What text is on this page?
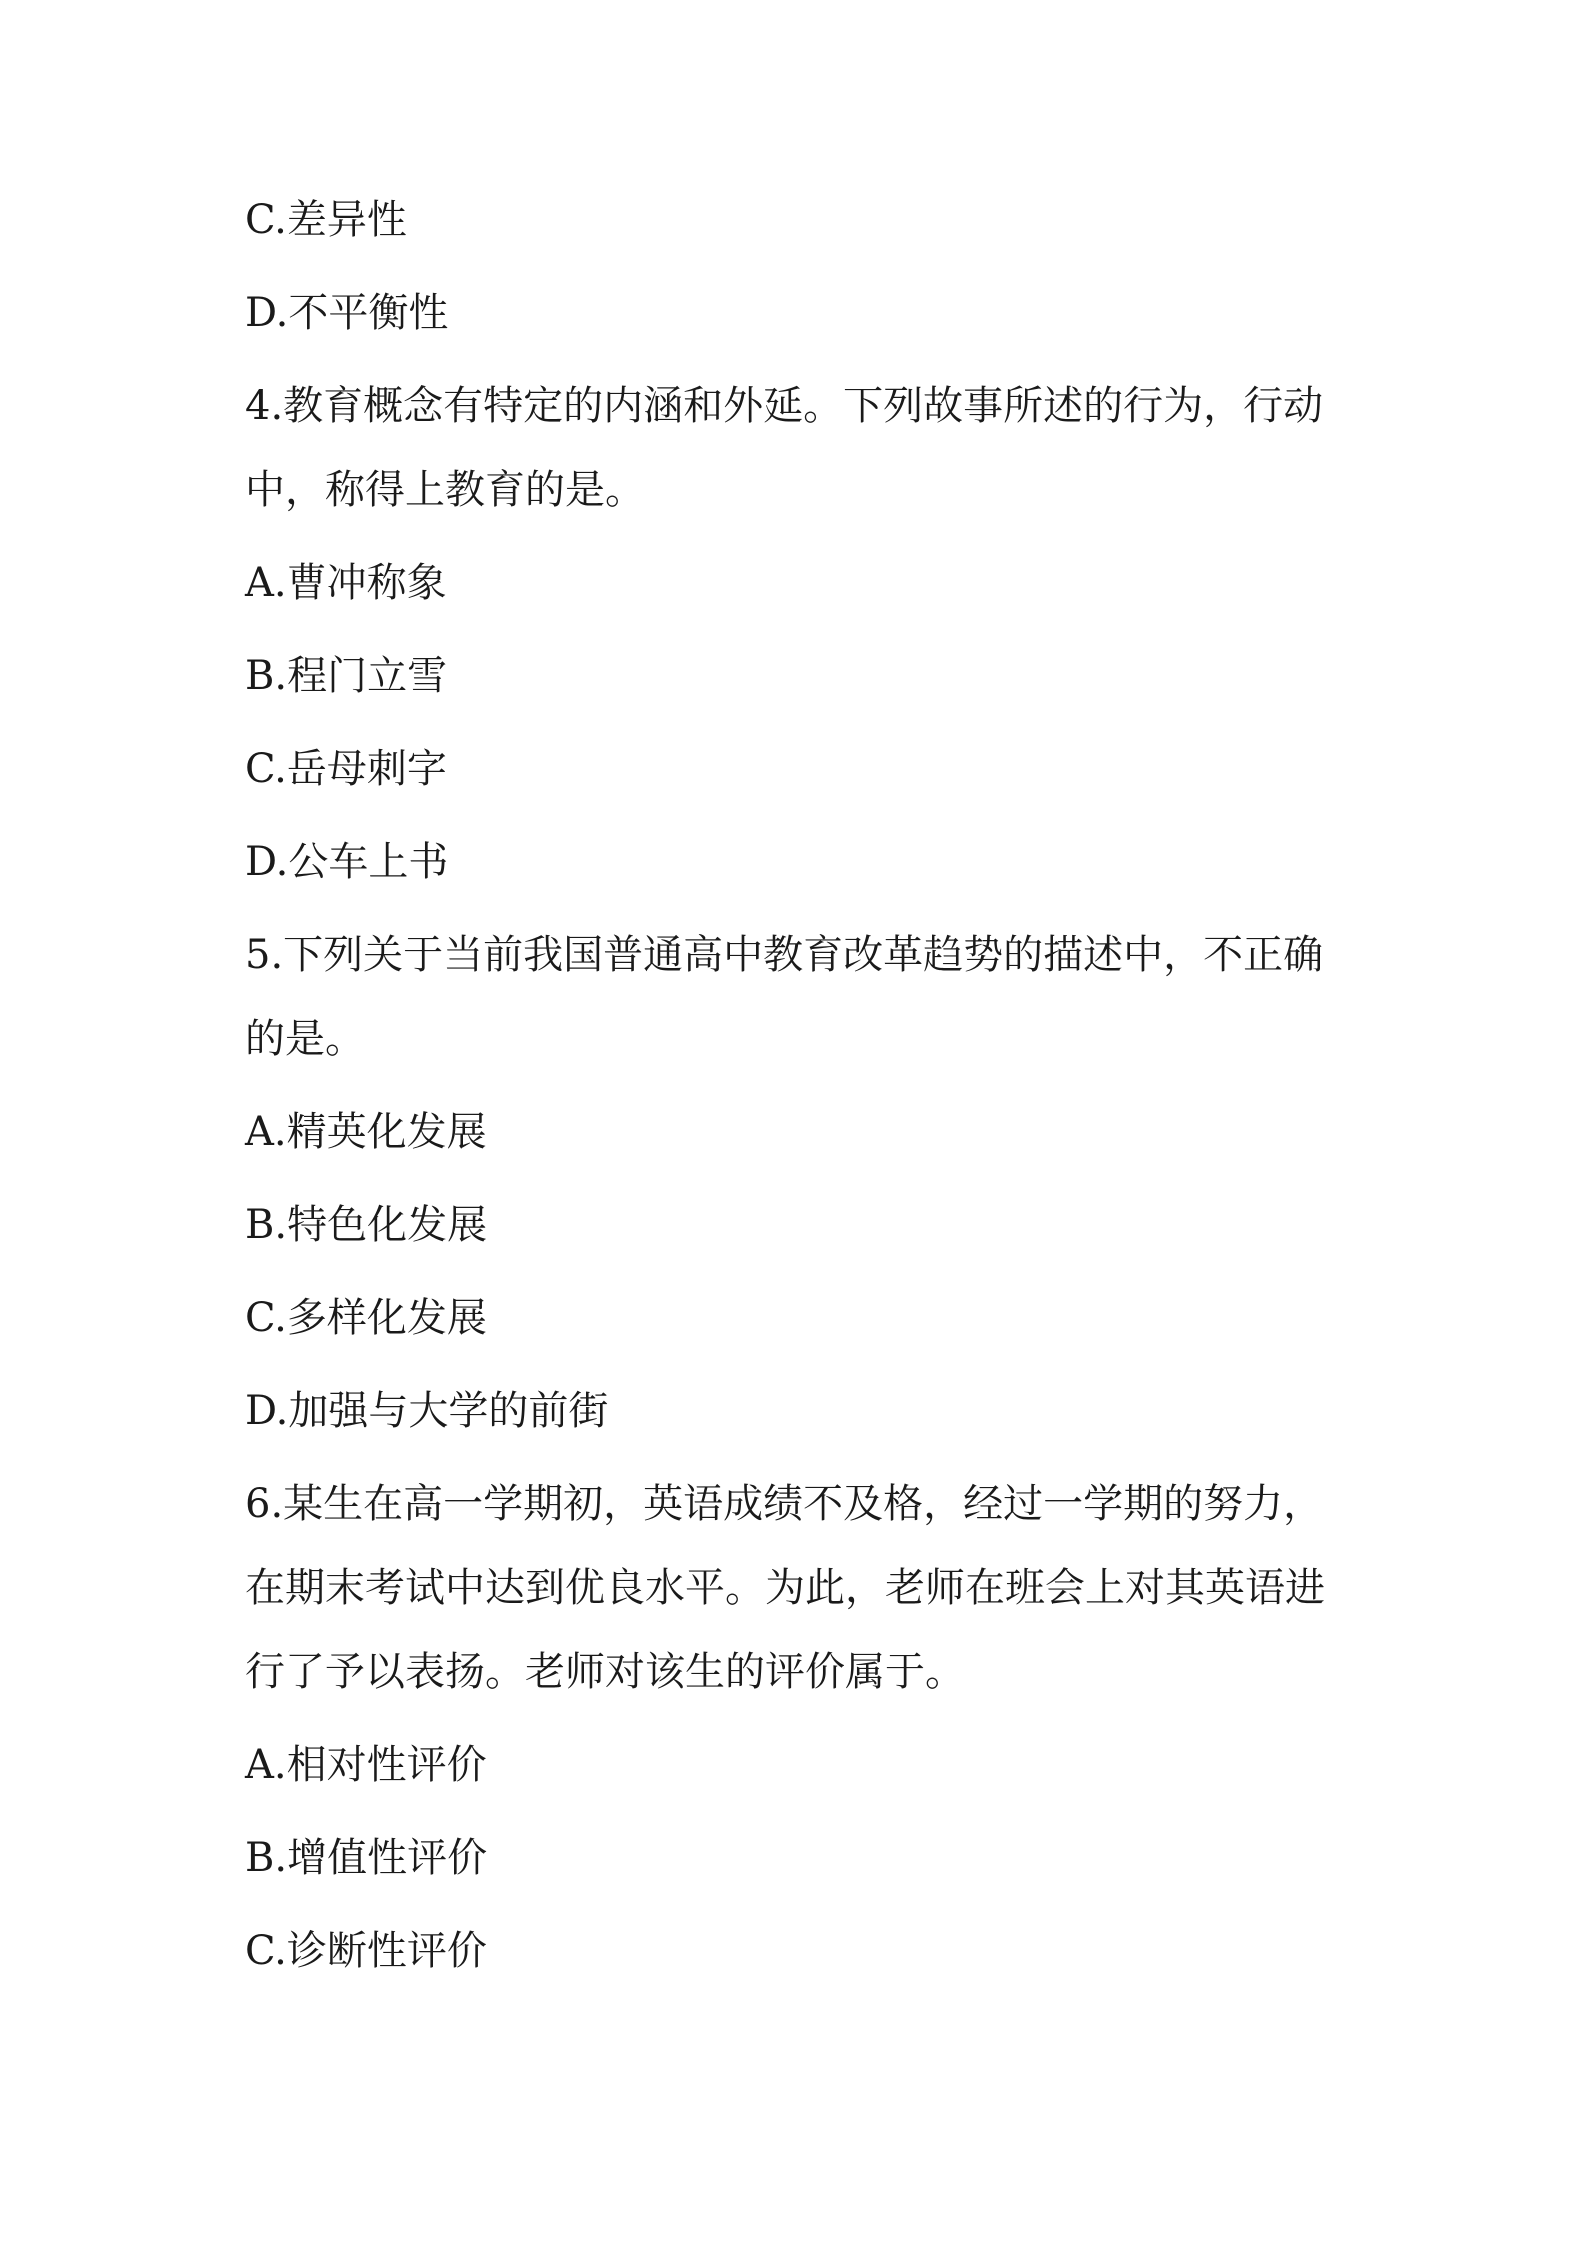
C.差异性

D.不平衡性

4.教育概念有特定的内涵和外延。下列故事所述的行为，行动

中，称得上教育的是。

A.曹冲称象

B.程门立雪

C.岳母刺字

D.公车上书

5.下列关于当前我国普通高中教育改革趋势的描述中，不正确

的是。

A.精英化发展

B.特色化发展

C.多样化发展

D.加强与大学的前街

6.某生在高一学期初，英语成绩不及格，经过一学期的努力，

在期末考试中达到优良水平。为此，老师在班会上对其英语进

行了予以表扬。老师对该生的评价属于。

A.相对性评价

B.增值性评价

C.诊断性评价
